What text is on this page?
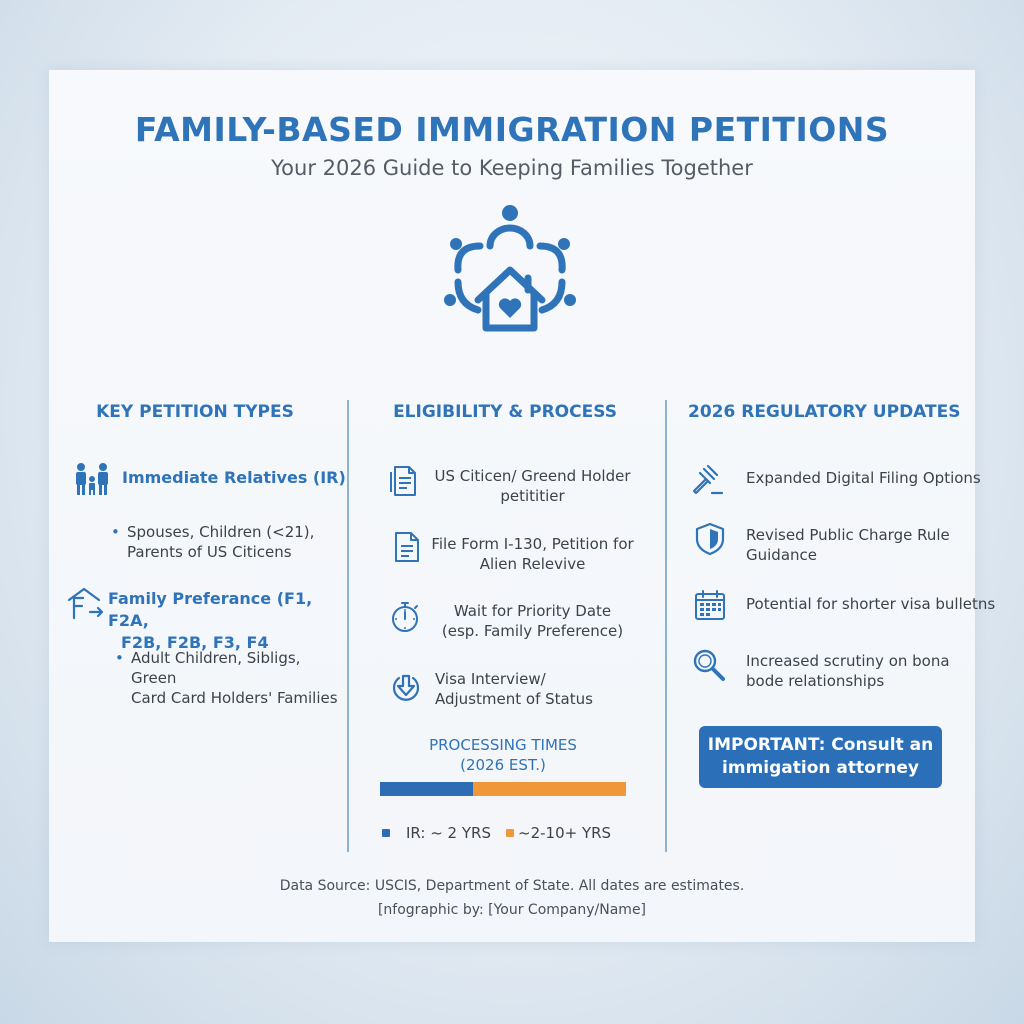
FAMILY-BASED IMMIGRATION PETITIONS
Your 2026 Guide to Keeping Families Together
KEY PETITION TYPES
Immediate Relatives (IR)
• Spouses, Children (<21),
Parents of US Citicens
Family Preferance (F1, F2A,
F2B, F2B, F3, F4
• Adult Children, Sibligs, Green
Card Card Holders' Families
ELIGIBILITY & PROCESS
US Citicen/ Greend Holder
petititier
File Form I-130, Petition for
Alien Relevive
Wait for Priority Date
(esp. Family Preference)
Visa Interview/
Adjustment of Status
PROCESSING TIMES
(2026 EST.)
IR: ~ 2 YRS ~2-10+ YRS
2026 REGULATORY UPDATES
Expanded Digital Filing Options
Revised Public Charge Rule
Guidance
Potential for shorter visa bulletns
Increased scrutiny on bona
bode relationships
IMPORTANT: Consult an
immigation attorney
Data Source: USCIS, Department of State. All dates are estimates.
[nfographic by: [Your Company/Name]
